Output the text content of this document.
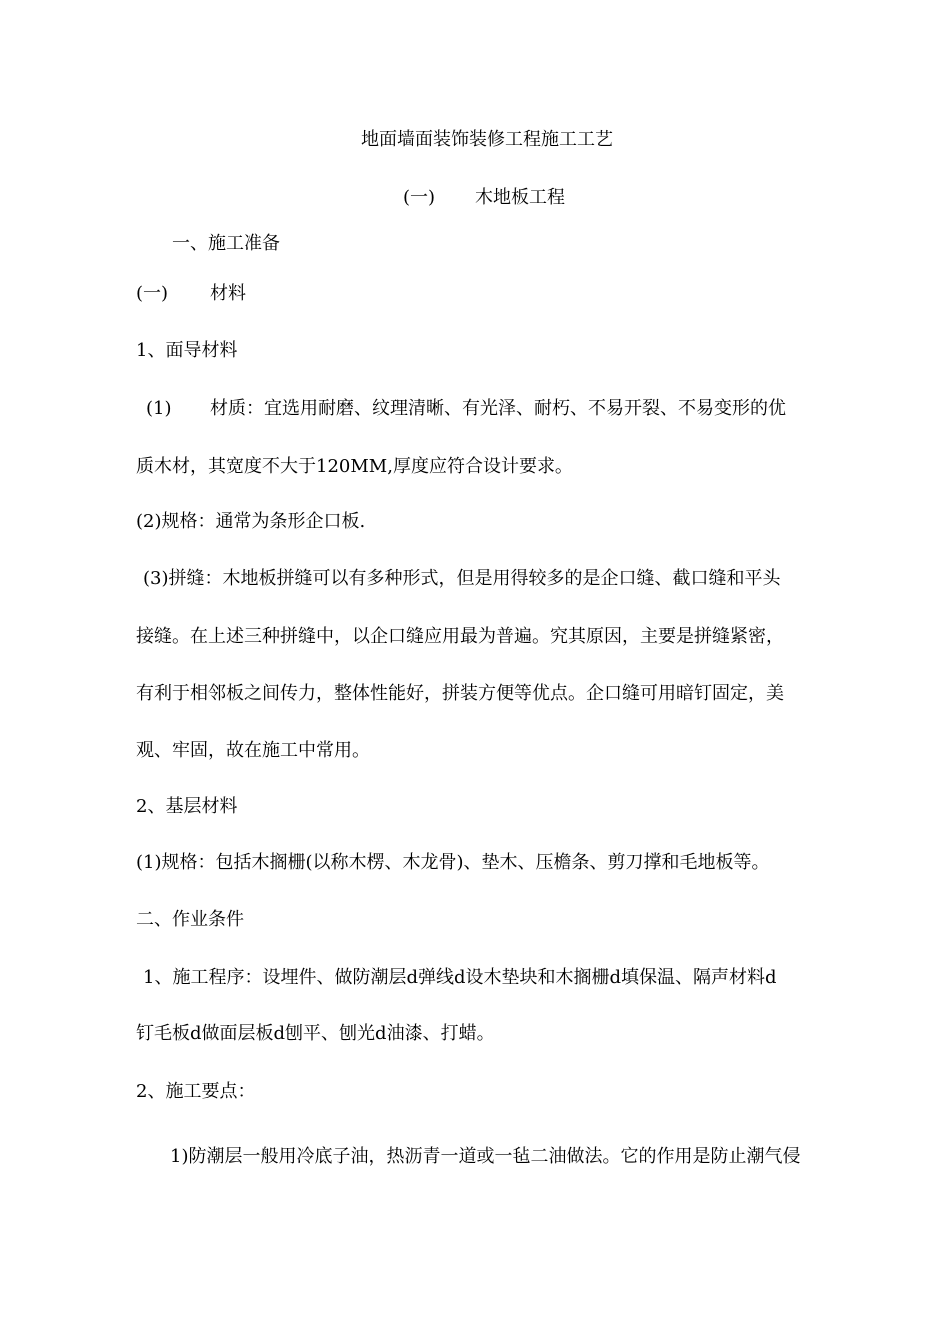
地面墙面装饰装修工程施工工艺

(一) 木地板工程

一、施工准备

(一) 材料

1、面导材料

(1) 材质：宜选用耐磨、纹理清晰、有光泽、耐朽、不易开裂、不易变形的优

质木材，其宽度不大于120MM,厚度应符合设计要求。

(2)规格：通常为条形企口板.

(3)拼缝：木地板拼缝可以有多种形式，但是用得较多的是企口缝、截口缝和平头

接缝。在上述三种拼缝中，以企口缝应用最为普遍。究其原因，主要是拼缝紧密，

有利于相邻板之间传力，整体性能好，拼装方便等优点。企口缝可用暗钉固定，美

观、牢固，故在施工中常用。

2、基层材料

(1)规格：包括木搁栅(以称木楞、木龙骨)、垫木、压檐条、剪刀撑和毛地板等。

二、作业条件

1、施工程序：设埋件、做防潮层d弹线d设木垫块和木搁栅d填保温、隔声材料d

钉毛板d做面层板d刨平、刨光d油漆、打蜡。

2、施工要点：

1)防潮层一般用冷底子油，热沥青一道或一毡二油做法。它的作用是防止潮气侵
